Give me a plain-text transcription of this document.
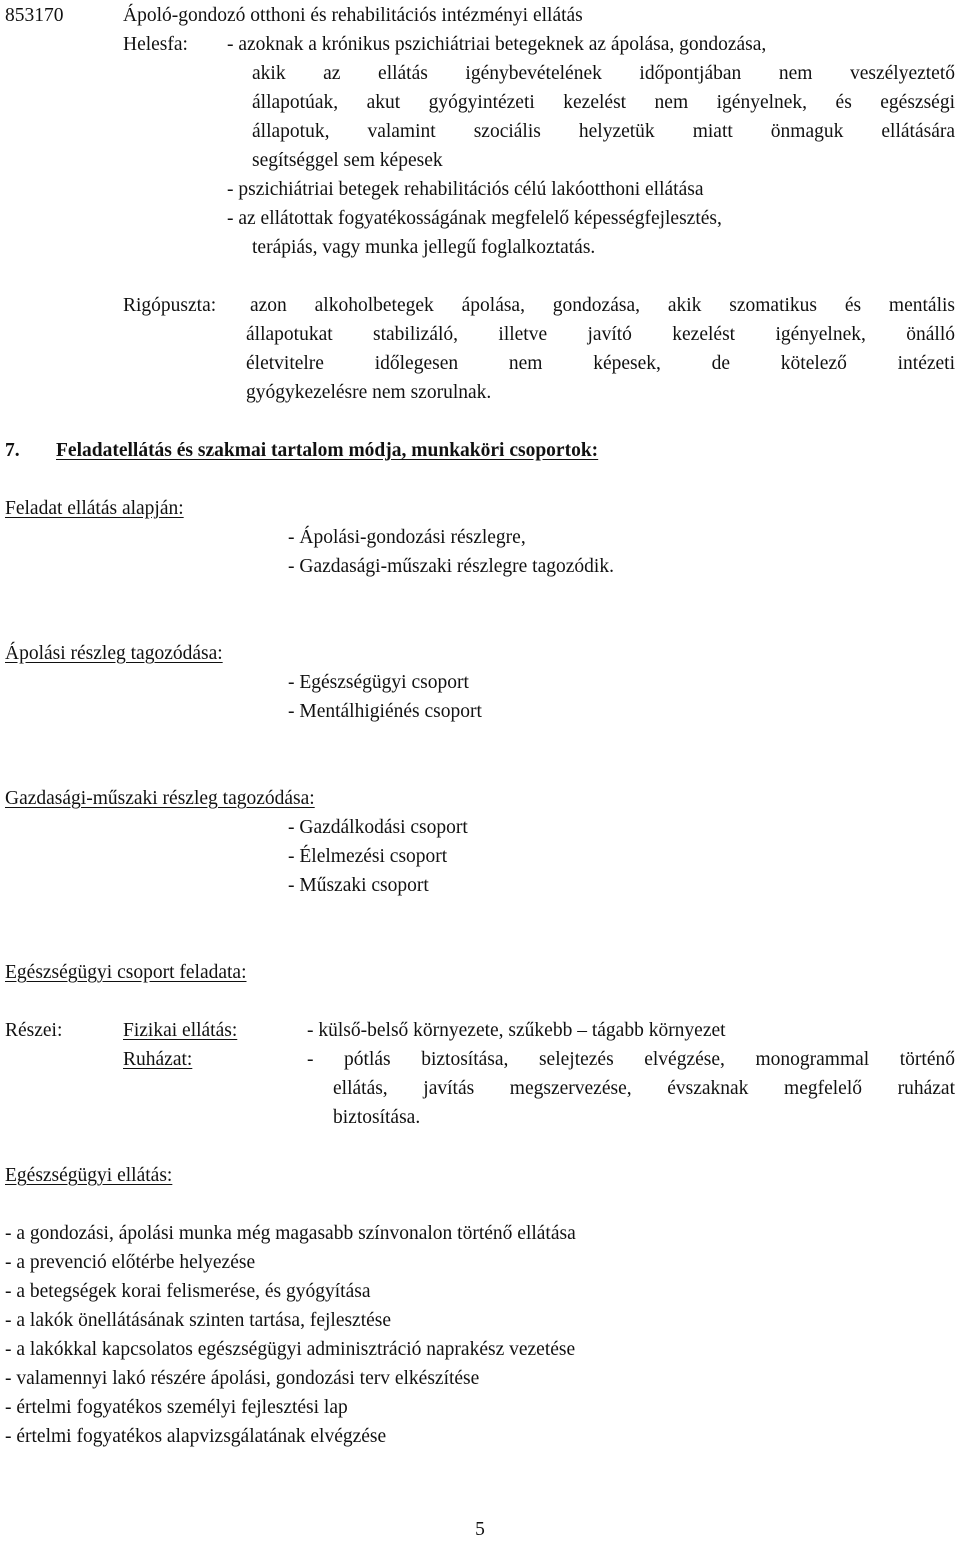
853170	Ápoló-gondozó otthoni és rehabilitációs intézményi ellátás
Helesfa: - azoknak a krónikus pszichiátriai betegeknek az ápolása, gondozása,
akik az ellátás igénybevételének időpontjában nem veszélyeztető
állapotúak, akut gyógyintézeti kezelést nem igényelnek, és egészségi
állapotuk, valamint szociális helyzetük miatt önmaguk ellátására
segítséggel sem képesek
- pszichiátriai betegek rehabilitációs célú lakóotthoni ellátása
- az ellátottak fogyatékosságának megfelelő képességfejlesztés,
terápiás, vagy munka jellegű foglalkoztatás.
Rigópuszta: azon alkoholbetegek ápolása, gondozása, akik szomatikus és mentális
állapotukat stabilizáló, illetve javító kezelést igényelnek, önálló
életvitelre időlegesen nem képesek, de kötelező intézeti
gyógykezelésre nem szorulnak.
7. Feladatellátás és szakmai tartalom módja, munkaköri csoportok:
Feladat ellátás alapján:
- Ápolási-gondozási részlegre,
- Gazdasági-műszaki részlegre tagozódik.
Ápolási részleg tagozódása:
- Egészségügyi csoport
- Mentálhigiénés csoport
Gazdasági-műszaki részleg tagozódása:
- Gazdálkodási csoport
- Élelmezési csoport
- Műszaki csoport
Egészségügyi csoport feladata:
Részei:	Fizikai ellátás:	- külső-belső környezete, szűkebb – tágabb környezet
Ruházat:	- pótlás biztosítása, selejtezés elvégzése, monogrammal történő
ellátás, javítás megszervezése, évszaknak megfelelő ruházat
biztosítása.
Egészségügyi ellátás:
- a gondozási, ápolási munka még magasabb színvonalon történő ellátása
- a prevenció előtérbe helyezése
- a betegségek korai felismerése, és gyógyítása
- a lakók önellátásának szinten tartása, fejlesztése
- a lakókkal kapcsolatos egészségügyi adminisztráció naprakész vezetése
- valamennyi lakó részére ápolási, gondozási terv elkészítése
- értelmi fogyatékos személyi fejlesztési lap
- értelmi fogyatékos alapvizsgálatának elvégzése
5
